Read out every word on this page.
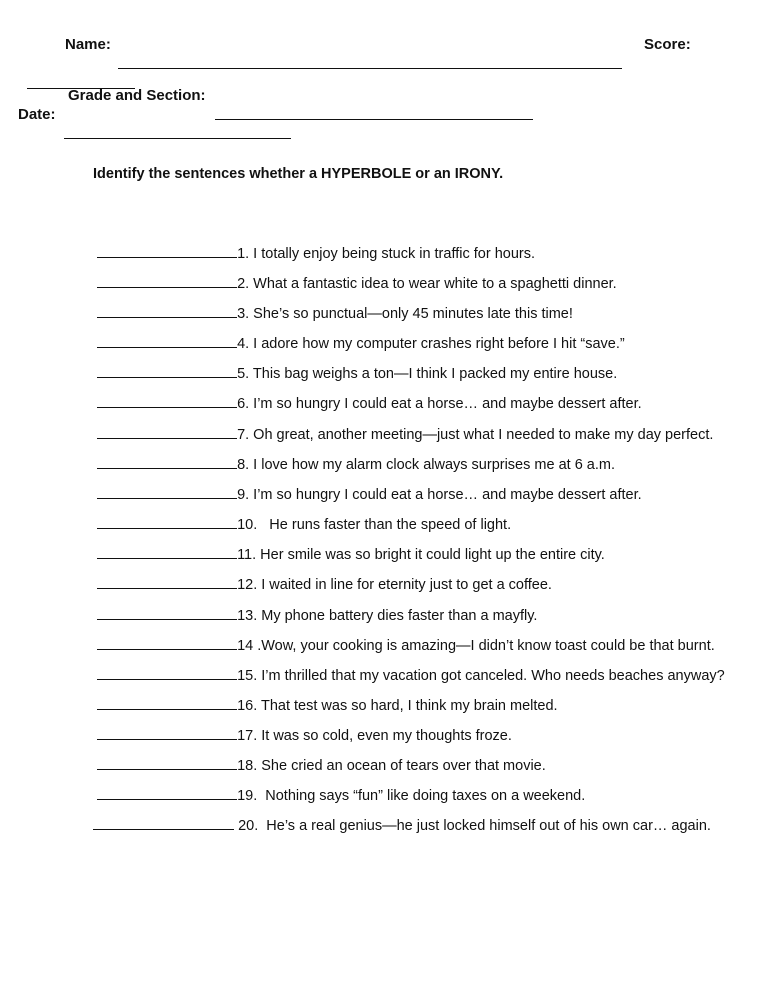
Name:

	Score:

Grade and Section:

Date:

Identify the sentences whether a HYPERBOLE or an IRONY.

1. I totally enjoy being stuck in traffic for hours.

2. What a fantastic idea to wear white to a spaghetti dinner.

3. She’s so punctual—only 45 minutes late this time!

4. I adore how my computer crashes right before I hit “save.”

5. This bag weighs a ton—I think I packed my entire house.

6. I’m so hungry I could eat a horse… and maybe dessert after.

7. Oh great, another meeting—just what I needed to make my day perfect.

8. I love how my alarm clock always surprises me at 6 a.m.

9. I’m so hungry I could eat a horse… and maybe dessert after.

10.   He runs faster than the speed of light.

11. Her smile was so bright it could light up the entire city.

12. I waited in line for eternity just to get a coffee.

13. My phone battery dies faster than a mayfly.

14 .Wow, your cooking is amazing—I didn’t know toast could be that burnt.

15. I’m thrilled that my vacation got canceled. Who needs beaches anyway?

16. That test was so hard, I think my brain melted.

17. It was so cold, even my thoughts froze.

18. She cried an ocean of tears over that movie.

19.  Nothing says “fun” like doing taxes on a weekend.

20.  He’s a real genius—he just locked himself out of his own car… again.
